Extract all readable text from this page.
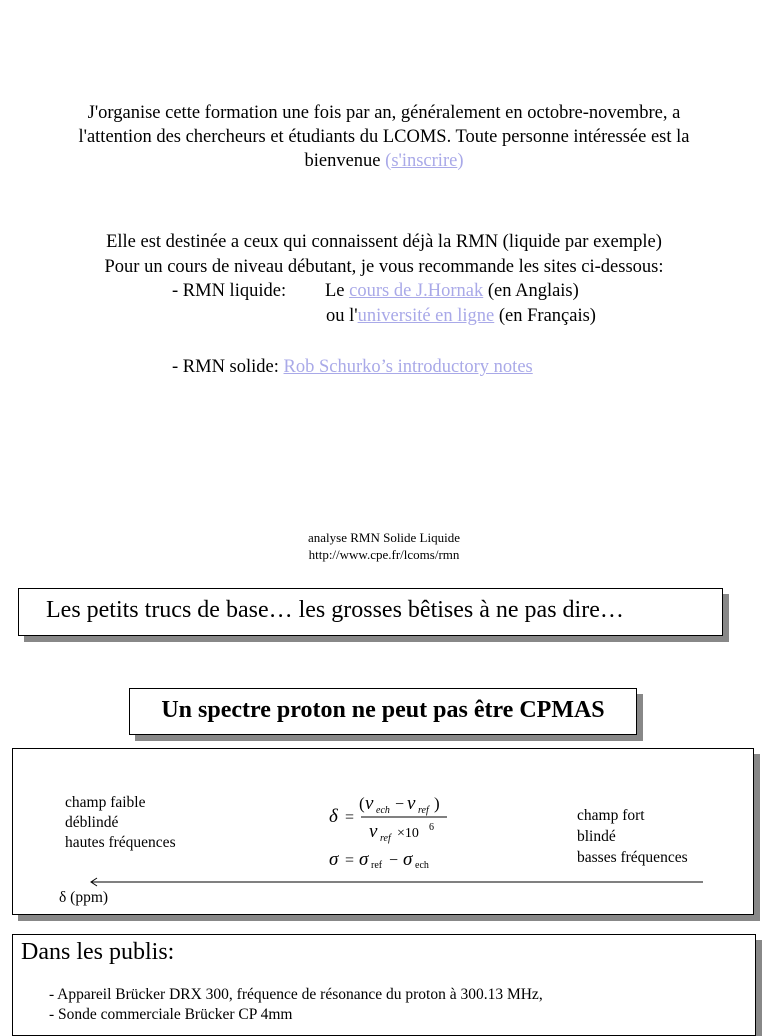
J'organise cette formation une fois par an, généralement en octobre-novembre, a
l'attention des chercheurs et étudiants du LCOMS. Toute personne intéressée est la
bienvenue (s'inscrire)
Elle est destinée a ceux qui connaissent déjà la RMN (liquide par exemple)
Pour un cours de niveau débutant, je vous recommande les sites ci-dessous:
- RMN liquide: Le cours de J.Hornak (en Anglais)
ou l'université en ligne (en Français)
- RMN solide: Rob Schurko’s introductory notes
analyse RMN Solide Liquide
http://www.cpe.fr/lcoms/rmn
Les petits trucs de base… les grosses bêtises à ne pas dire…
Un spectre proton ne peut pas être CPMAS
champ faible
déblindé
hautes fréquences
δ =
( ν ech − ν ref )
ν ref ×10 6
σ = σ ref − σ ech
champ fort
blindé
basses fréquences
δ (ppm)
Dans les publis:
- Appareil Brücker DRX 300, fréquence de résonance du proton à 300.13 MHz,
- Sonde commerciale Brücker CP 4mm
